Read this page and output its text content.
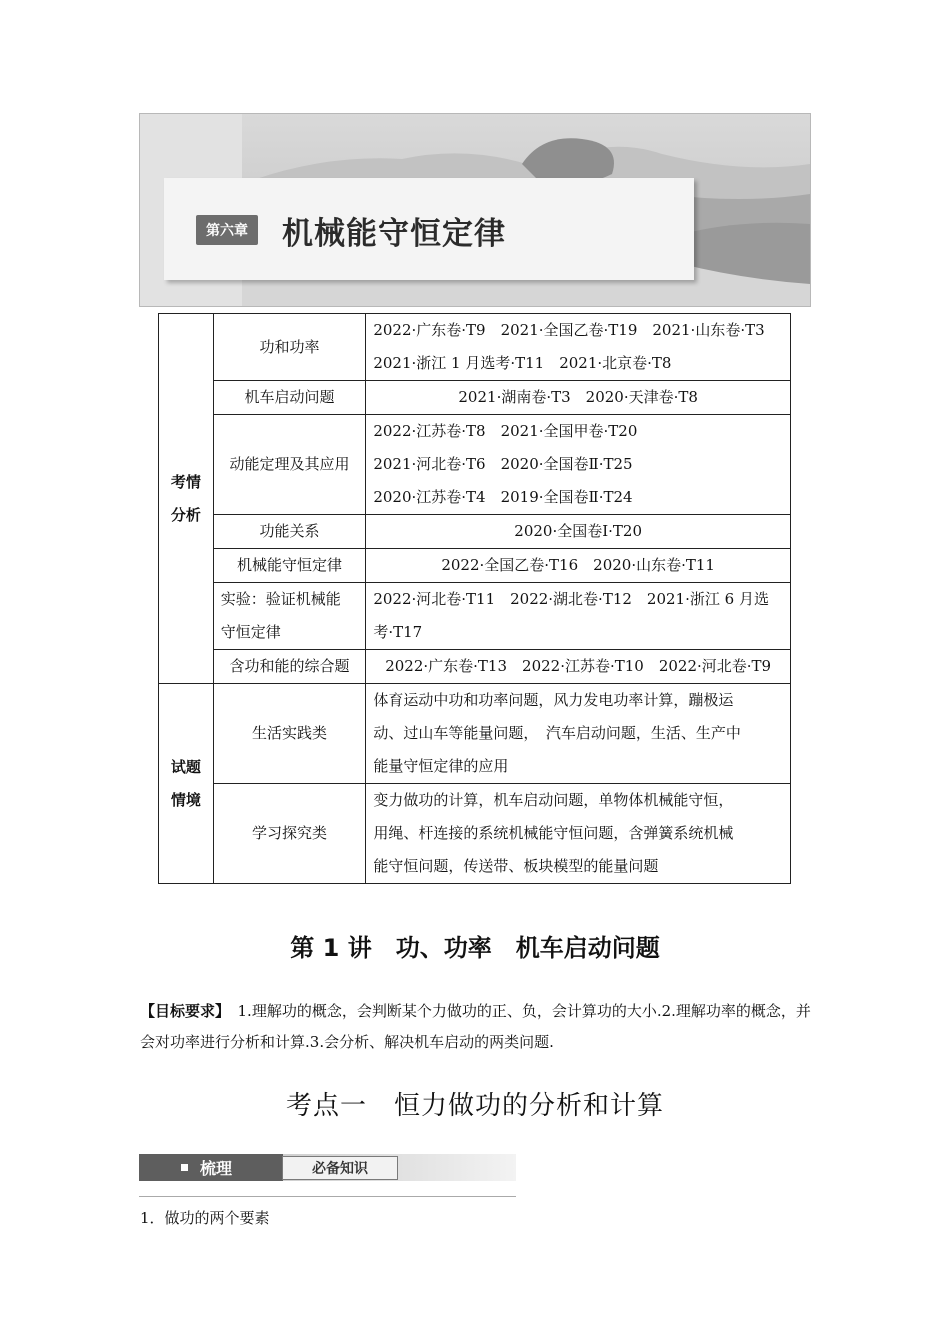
第六章	机械能守恒定律
考情
分析	功和功率	2022·广东卷·T9　2021·全国乙卷·T19　2021·山东卷·T3
2021·浙江 1 月选考·T11　2021·北京卷·T8

	机车启动问题	2021·湖南卷·T3　2020·天津卷·T8

	动能定理及其应用	2022·江苏卷·T8　2021·全国甲卷·T20
2021·河北卷·T6　2020·全国卷Ⅱ·T25
2020·江苏卷·T4　2019·全国卷Ⅱ·T24

	功能关系	2020·全国卷Ⅰ·T20

	机械能守恒定律	2022·全国乙卷·T16　2020·山东卷·T11

	实验：验证机械能
守恒定律	2022·河北卷·T11　2022·湖北卷·T12　2021·浙江 6 月选
考·T17

	含功和能的综合题	2022·广东卷·T13　2022·江苏卷·T10　2022·河北卷·T9

试题
情境	生活实践类	体育运动中功和功率问题，风力发电功率计算，蹦极运
动、过山车等能量问题，　汽车启动问题，生活、生产中
能量守恒定律的应用

	学习探究类	变力做功的计算，机车启动问题，单物体机械能守恒，
用绳、杆连接的系统机械能守恒问题，含弹簧系统机械
能守恒问题，传送带、板块模型的能量问题
第 1 讲　功、功率　机车启动问题
【目标要求】　1.理解功的概念，会判断某个力做功的正、负，会计算功的大小.2.理解功率的概念，并会对功率进行分析和计算.3.会分析、解决机车启动的两类问题.
考点一　恒力做功的分析和计算
梳理	必备知识
1．做功的两个要素
